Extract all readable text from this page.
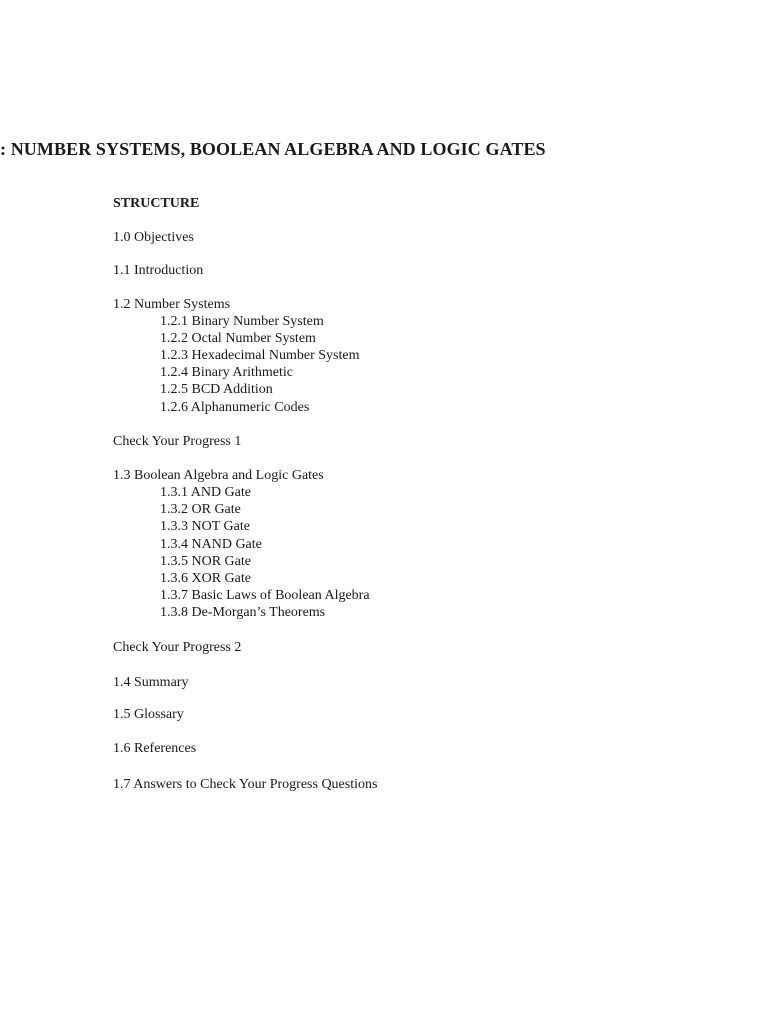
: NUMBER SYSTEMS, BOOLEAN ALGEBRA AND LOGIC GATES
STRUCTURE

1.0 Objectives

1.1 Introduction

1.2 Number Systems

1.2.1 Binary Number System

1.2.2 Octal Number System

1.2.3 Hexadecimal Number System

1.2.4 Binary Arithmetic

1.2.5 BCD Addition

1.2.6 Alphanumeric Codes

Check Your Progress 1

1.3 Boolean Algebra and Logic Gates

1.3.1 AND Gate

1.3.2 OR Gate

1.3.3 NOT Gate

1.3.4 NAND Gate

1.3.5 NOR Gate

1.3.6 XOR Gate

1.3.7 Basic Laws of Boolean Algebra

1.3.8 De-Morgan’s Theorems

Check Your Progress 2

1.4 Summary

1.5 Glossary

1.6 References

1.7 Answers to Check Your Progress Questions
